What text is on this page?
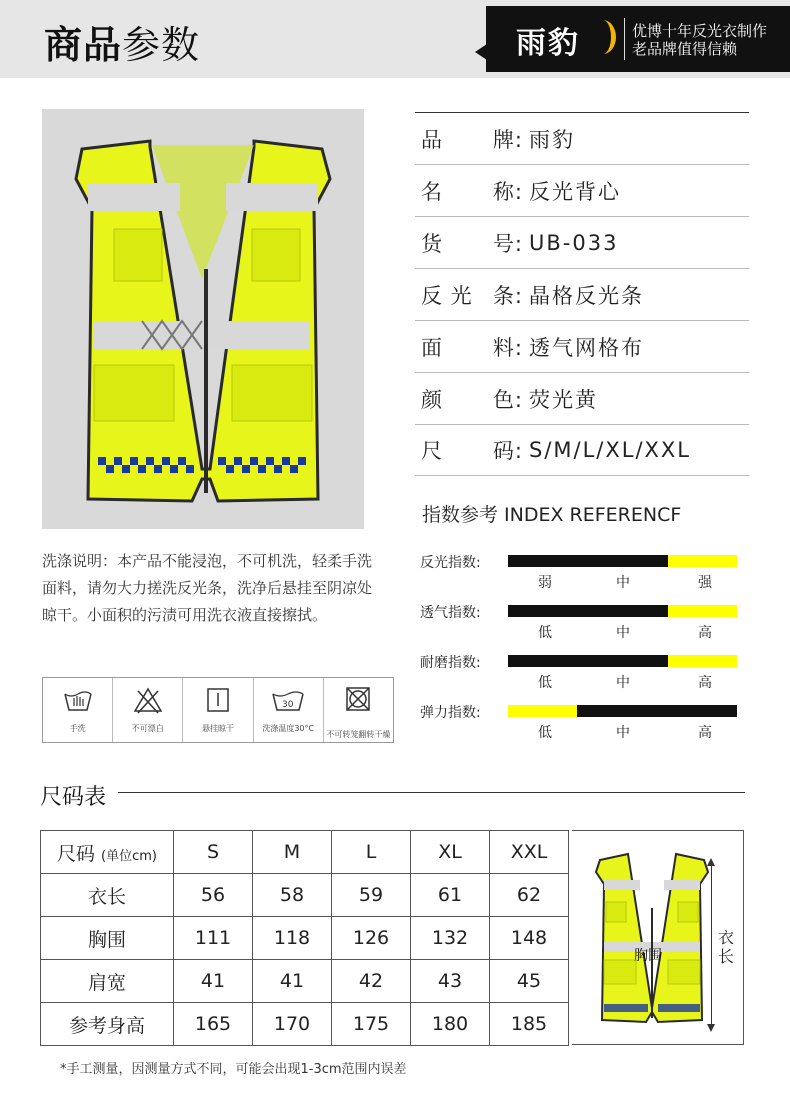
商品参数	雨豹	优博十年反光衣制作
老品牌值得信赖
品 牌: 雨豹
名 称: 反光背心
货 号: UB-033
反 光 条: 晶格反光条
面 料: 透气网格布
颜 色: 荧光黄
尺 码: S/M/L/XL/XXL
指数参考 INDEX REFERENCF
反光指数:
弱	中	强
透气指数:
低	中	高
耐磨指数:
低	中	高
弹力指数:
低	中	高
洗涤说明：本产品不能浸泡，不可机洗，轻柔手洗面料，请勿大力搓洗反光条，洗净后悬挂至阴凉处晾干。小面积的污渍可用洗衣液直接擦拭。
手洗	不可漂白	悬挂晾干
30
洗涤温度30°C
不可转笼翻转干燥
尺码表
尺码 (单位cm)	S	M	L	XL	XXL
衣长	56	58	59	61	62
胸围	111	118	126	132	148
肩宽	41	41	42	43	45
参考身高	165	170	175	180	185
衣长
胸围
*手工测量，因测量方式不同，可能会出现1-3cm范围内误差
